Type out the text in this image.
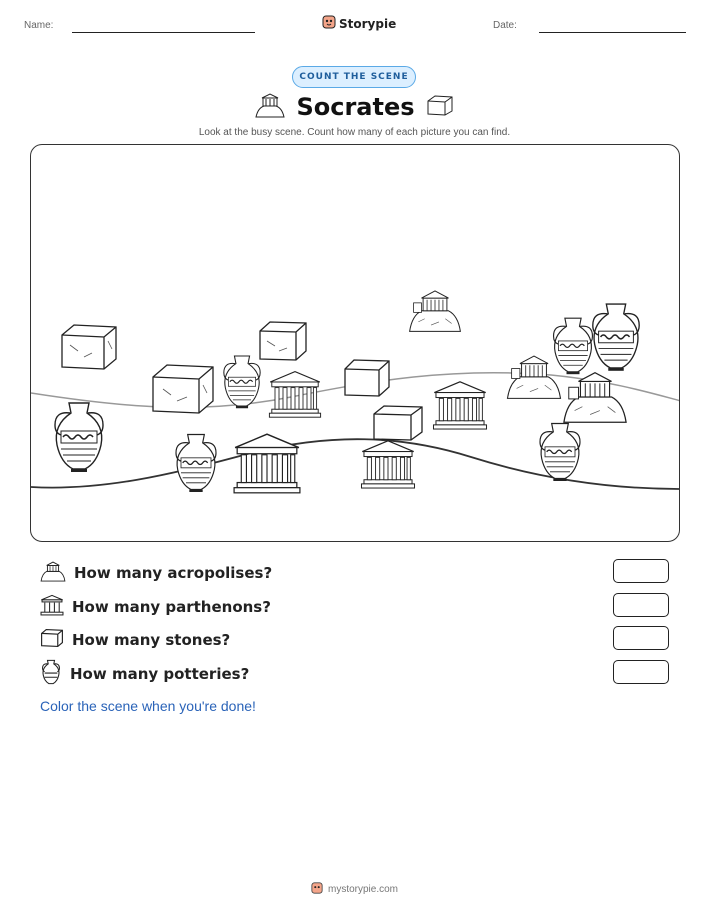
Name:	Storypie	Date:
COUNT THE SCENE
Socrates
Look at the busy scene. Count how many of each picture you can find.
How many acropolises?
How many parthenons?
How many stones?
How many potteries?
Color the scene when you're done!
mystorypie.com
